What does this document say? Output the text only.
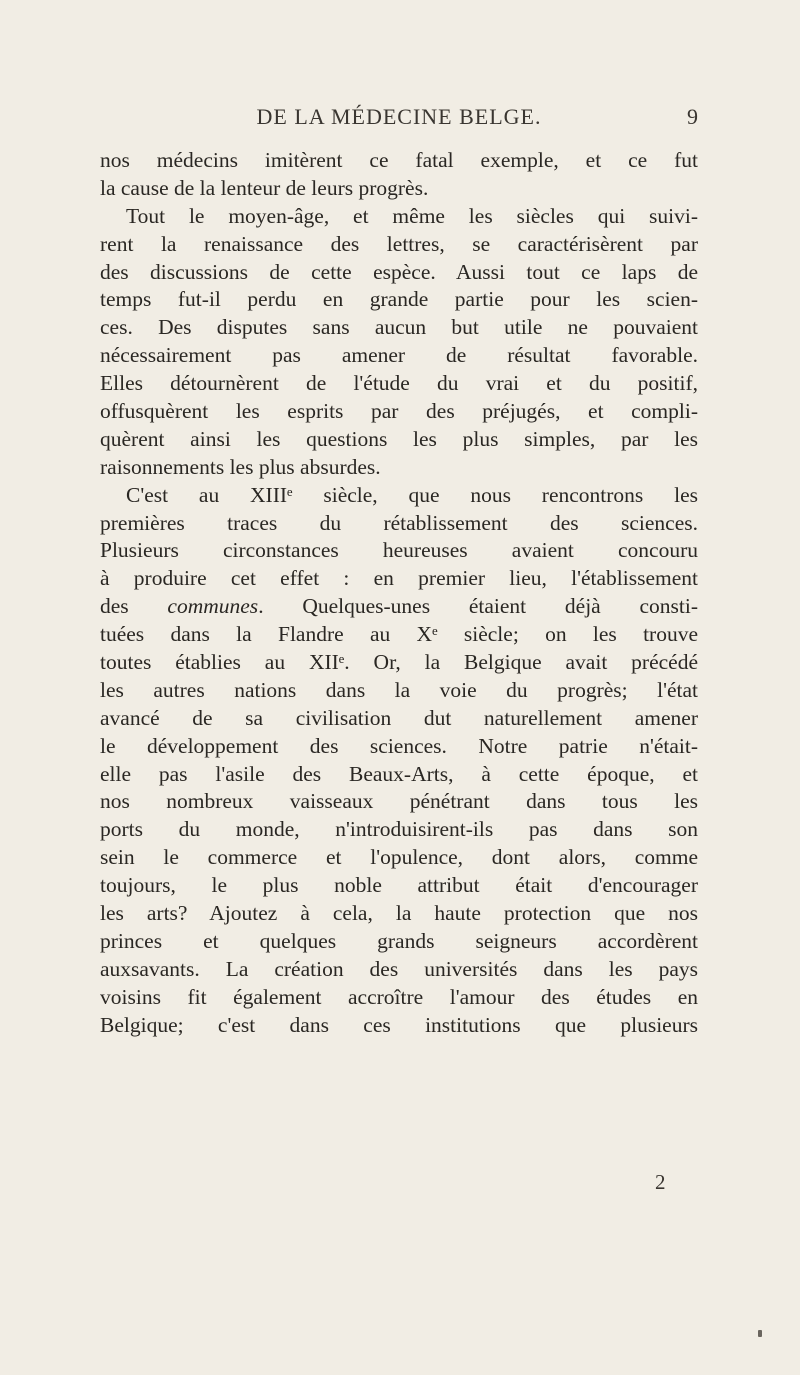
DE LA MÉDECINE BELGE.	9
nos médecins imitèrent ce fatal exemple, et ce fut
la cause de la lenteur de leurs progrès.
Tout le moyen-âge, et même les siècles qui suivi-
rent la renaissance des lettres, se caractérisèrent par
des discussions de cette espèce. Aussi tout ce laps de
temps fut-il perdu en grande partie pour les scien-
ces. Des disputes sans aucun but utile ne pouvaient
nécessairement pas amener de résultat favorable.
Elles détournèrent de l'étude du vrai et du positif,
offusquèrent les esprits par des préjugés, et compli-
quèrent ainsi les questions les plus simples, par les
raisonnements les plus absurdes.
C'est au XIIIᵉ siècle, que nous rencontrons les
premières traces du rétablissement des sciences.
Plusieurs circonstances heureuses avaient concouru
à produire cet effet : en premier lieu, l'établissement
des communes. Quelques-unes étaient déjà consti-
tuées dans la Flandre au Xᵉ siècle; on les trouve
toutes établies au XIIᵉ. Or, la Belgique avait précédé
les autres nations dans la voie du progrès; l'état
avancé de sa civilisation dut naturellement amener
le développement des sciences. Notre patrie n'était-
elle pas l'asile des Beaux-Arts, à cette époque, et
nos nombreux vaisseaux pénétrant dans tous les
ports du monde, n'introduisirent-ils pas dans son
sein le commerce et l'opulence, dont alors, comme
toujours, le plus noble attribut était d'encourager
les arts? Ajoutez à cela, la haute protection que nos
princes et quelques grands seigneurs accordèrent
auxsavants. La création des universités dans les pays
voisins fit également accroître l'amour des études en
Belgique; c'est dans ces institutions que plusieurs
2
